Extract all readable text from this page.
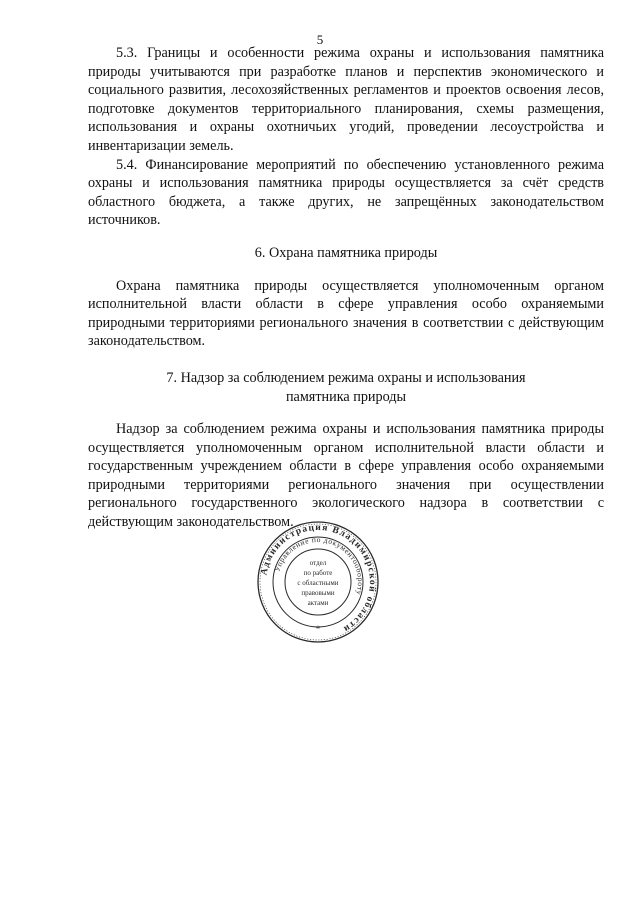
5

5.3. Границы и особенности режима охраны и использования памятника природы учитываются при разработке планов и перспектив экономического и социального развития, лесохозяйственных регламентов и проектов освоения лесов, подготовке документов территориального планирования, схемы размещения, использования и охраны охотничьих угодий, проведении лесоустройства и инвентаризации земель.

5.4. Финансирование мероприятий по обеспечению установленного режима охраны и использования памятника природы осуществляется за счёт средств областного бюджета, а также других, не запрещённых законодательством источников.

6. Охрана памятника природы

Охрана памятника природы осуществляется уполномоченным органом исполнительной власти области в сфере управления особо охраняемыми природными территориями регионального значения в соответствии с действующим законодательством.

7. Надзор за соблюдением режима охраны и использования

памятника природы

Надзор за соблюдением режима охраны и использования памятника природы осуществляется уполномоченным органом исполнительной власти области и государственным учреждением области в сфере управления особо охраняемыми природными территориями регионального значения при осуществлении регионального государственного экологического надзора в соответствии с действующим законодательством.

Администрация Владимирской области
Управление по документообороту
*
отдел
по работе
с областными
правовыми
актами
